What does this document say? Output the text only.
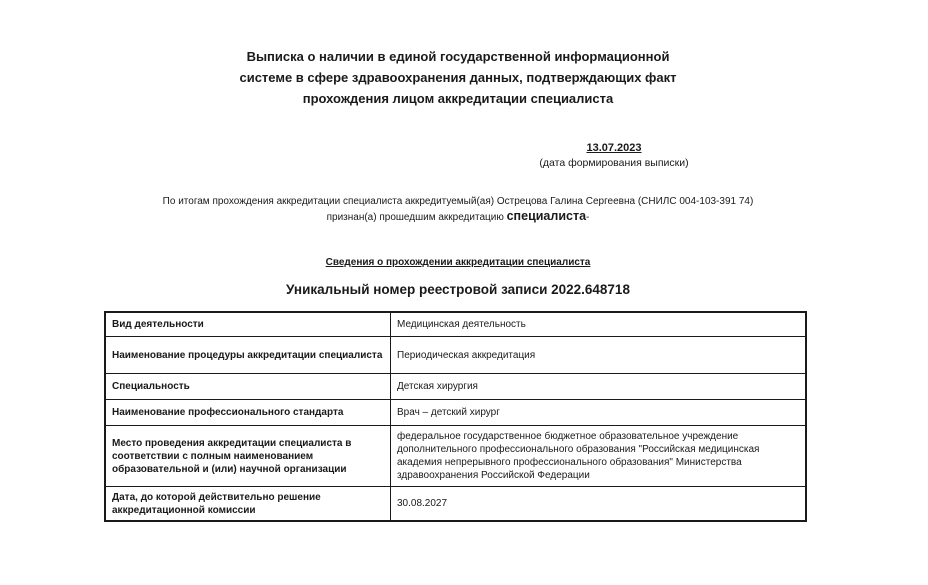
Выписка о наличии в единой государственной информационной
системе в сфере здравоохранения данных, подтверждающих факт
прохождения лицом аккредитации специалиста
13.07.2023
(дата формирования выписки)
По итогам прохождения аккредитации специалиста аккредитуемый(ая) Острецова Галина Сергеевна (СНИЛС 004-103-391 74)
признан(а) прошедшим аккредитацию специалиста-
Сведения о прохождении аккредитации специалиста
Уникальный номер реестровой записи 2022.648718
Вид деятельности	Медицинская деятельность
Наименование процедуры аккредитации специалиста	Периодическая аккредитация
Специальность	Детская хирургия
Наименование профессионального стандарта	Врач – детский хирург
Место проведения аккредитации специалиста в соответствии с полным наименованием образовательной и (или) научной организации	федеральное государственное бюджетное образовательное учреждение дополнительного профессионального образования "Российская медицинская академия непрерывного профессионального образования" Министерства здравоохранения Российской Федерации
Дата, до которой действительно решение аккредитационной комиссии	30.08.2027
